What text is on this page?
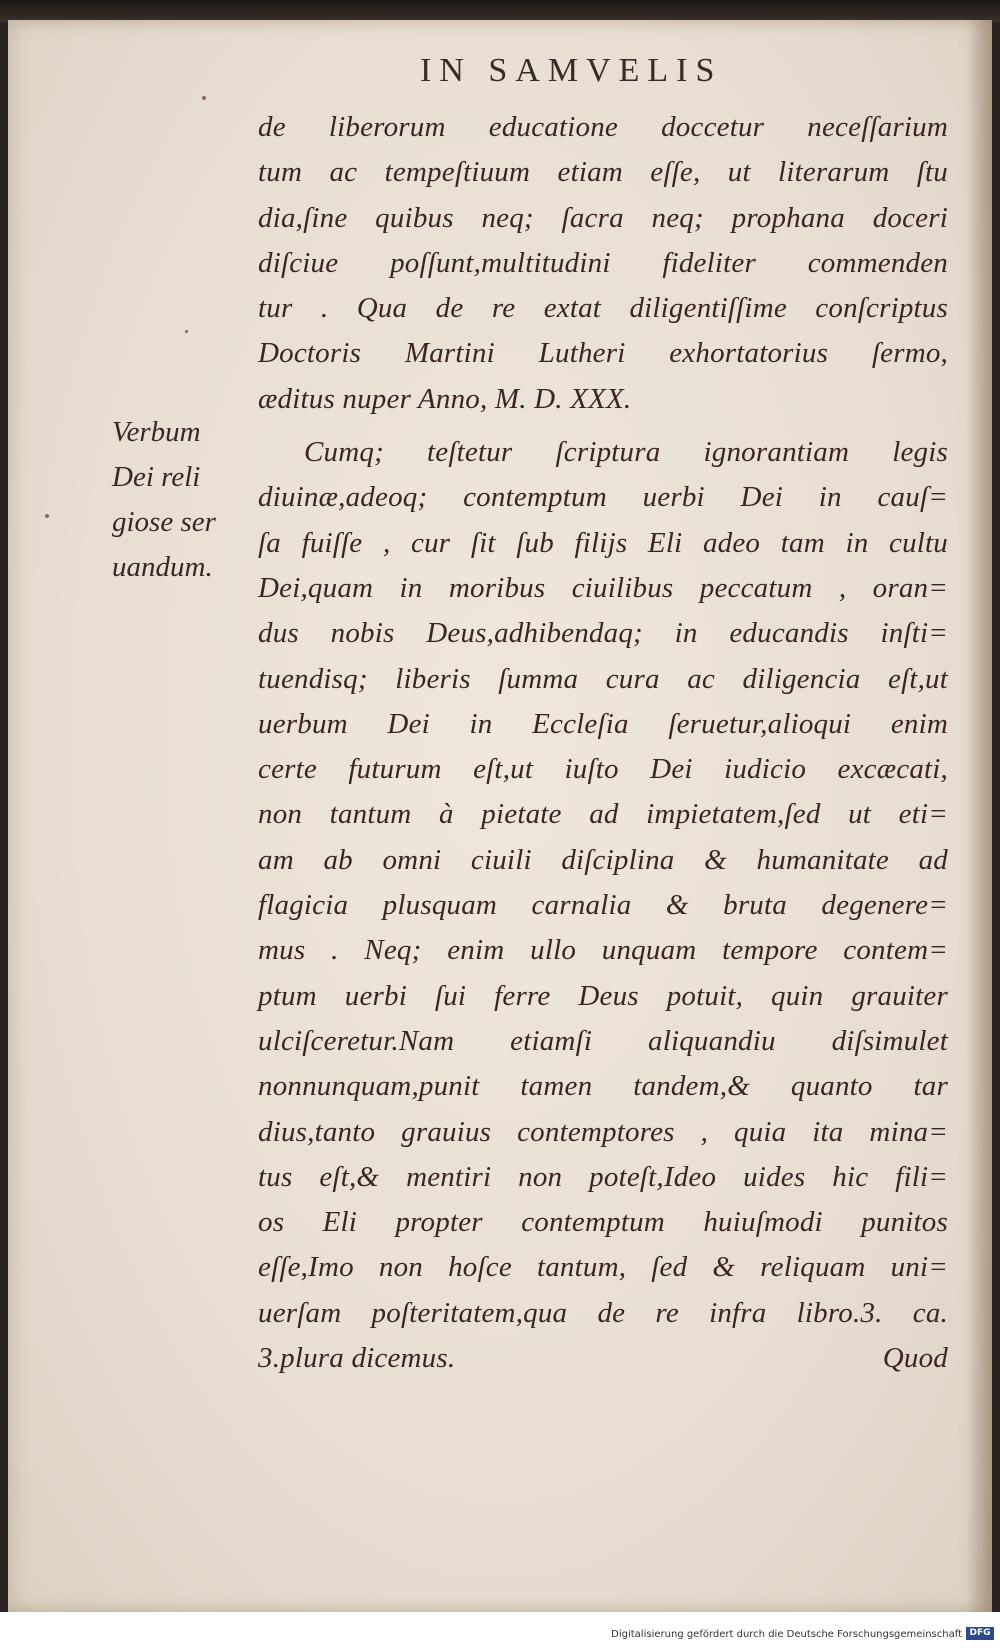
IN SAMVELIS
Verbum
Dei reli
giose ser
uandum.
de liberorum educatione doccetur neceſſarium
tum ac tempeſtiuum etiam eſſe, ut literarum ſtu
dia,ſine quibus neq; ſacra neq; prophana doceri
diſciue poſſunt,multitudini fideliter commenden
tur . Qua de re extat diligentiſſime conſcriptus
Doctoris Martini Lutheri exhortatorius ſermo,
æditus nuper Anno, M. D. XXX.
Cumq; teſtetur ſcriptura ignorantiam legis
diuinæ,adeoq; contemptum uerbi Dei in cauſ=
ſa fuiſſe , cur ſit ſub filijs Eli adeo tam in cultu
Dei,quam in moribus ciuilibus peccatum , oran=
dus nobis Deus,adhibendaq; in educandis inſti=
tuendisq; liberis ſumma cura ac diligencia eſt,ut
uerbum Dei in Eccleſia ſeruetur,alioqui enim
certe futurum eſt,ut iuſto Dei iudicio excæcati,
non tantum à pietate ad impietatem,ſed ut eti=
am ab omni ciuili diſciplina & humanitate ad
flagicia plusquam carnalia & bruta degenere=
mus . Neq; enim ullo unquam tempore contem=
ptum uerbi ſui ferre Deus potuit, quin grauiter
ulciſceretur.Nam etiamſi aliquandiu diſsimulet
nonnunquam,punit tamen tandem,& quanto tar
dius,tanto grauius contemptores , quia ita mina=
tus eſt,& mentiri non poteſt,Ideo uides hic fili=
os Eli propter contemptum huiuſmodi punitos
eſſe,Imo non hoſce tantum, ſed & reliquam uni=
uerſam poſteritatem,qua de re infra libro.3. ca.
3.plura dicemus.	Quod
Digitalisierung gefördert durch die Deutsche Forschungsgemeinschaft DFG
